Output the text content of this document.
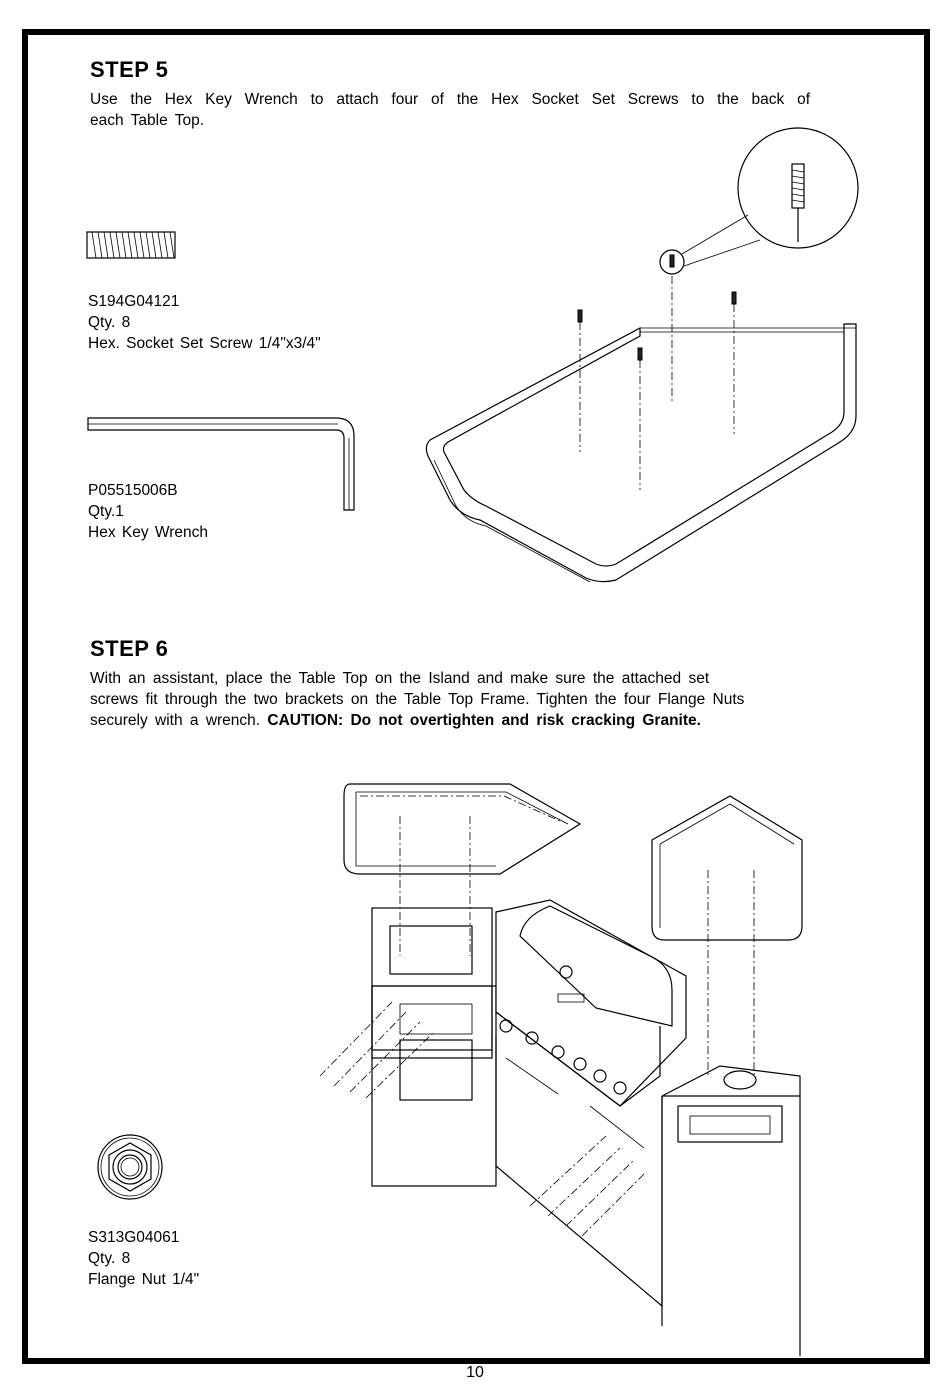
STEP 5
Use the Hex Key Wrench to attach four of the Hex Socket Set Screws to the back of
each Table Top.
S194G04121
Qty. 8
Hex. Socket Set Screw 1/4"x3/4"
P05515006B
Qty.1
Hex Key Wrench
STEP 6
With an assistant, place the Table Top on the Island and make sure the attached set
screws fit through the two brackets on the Table Top Frame. Tighten the four Flange Nuts
securely with a wrench. CAUTION: Do not overtighten and risk cracking Granite.
S313G04061
Qty. 8
Flange Nut 1/4"
10
